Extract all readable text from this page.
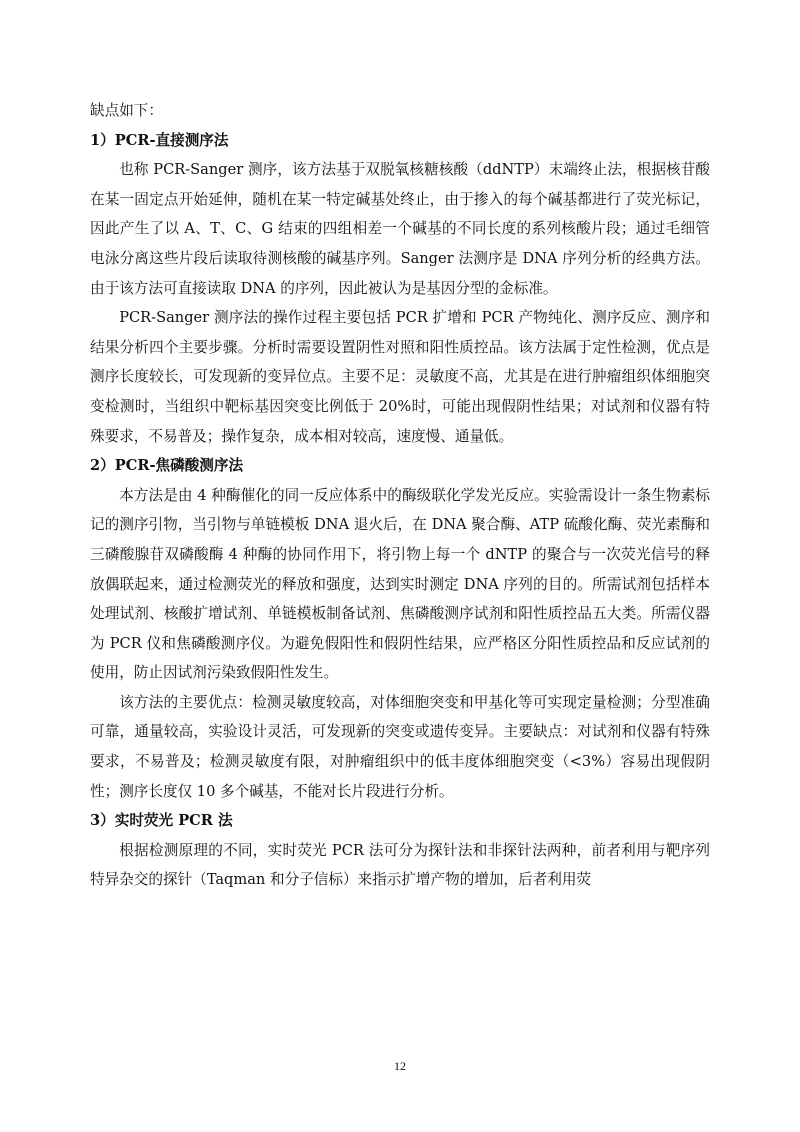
缺点如下：

1）PCR-直接测序法

也称 PCR-Sanger 测序，该方法基于双脱氧核糖核酸（ddNTP）末端终止法，根据核苷酸在某一固定点开始延伸，随机在某一特定碱基处终止，由于掺入的每个碱基都进行了荧光标记，因此产生了以 A、T、C、G 结束的四组相差一个碱基的不同长度的系列核酸片段；通过毛细管电泳分离这些片段后读取待测核酸的碱基序列。Sanger 法测序是 DNA 序列分析的经典方法。由于该方法可直接读取 DNA 的序列，因此被认为是基因分型的金标准。

PCR-Sanger 测序法的操作过程主要包括 PCR 扩增和 PCR 产物纯化、测序反应、测序和结果分析四个主要步骤。分析时需要设置阴性对照和阳性质控品。该方法属于定性检测，优点是测序长度较长，可发现新的变异位点。主要不足：灵敏度不高，尤其是在进行肿瘤组织体细胞突变检测时，当组织中靶标基因突变比例低于 20%时，可能出现假阴性结果；对试剂和仪器有特殊要求，不易普及；操作复杂，成本相对较高，速度慢、通量低。

2）PCR-焦磷酸测序法

本方法是由 4 种酶催化的同一反应体系中的酶级联化学发光反应。实验需设计一条生物素标记的测序引物，当引物与单链模板 DNA 退火后，在 DNA 聚合酶、ATP 硫酸化酶、荧光素酶和三磷酸腺苷双磷酸酶 4 种酶的协同作用下，将引物上每一个 dNTP 的聚合与一次荧光信号的释放偶联起来，通过检测荧光的释放和强度，达到实时测定 DNA 序列的目的。所需试剂包括样本处理试剂、核酸扩增试剂、单链模板制备试剂、焦磷酸测序试剂和阳性质控品五大类。所需仪器为 PCR 仪和焦磷酸测序仪。为避免假阳性和假阴性结果，应严格区分阳性质控品和反应试剂的使用，防止因试剂污染致假阳性发生。

该方法的主要优点：检测灵敏度较高，对体细胞突变和甲基化等可实现定量检测；分型准确可靠，通量较高，实验设计灵活，可发现新的突变或遗传变异。主要缺点：对试剂和仪器有特殊要求，不易普及；检测灵敏度有限，对肿瘤组织中的低丰度体细胞突变（<3%）容易出现假阴性；测序长度仅 10 多个碱基，不能对长片段进行分析。

3）实时荧光 PCR 法

根据检测原理的不同，实时荧光 PCR 法可分为探针法和非探针法两种，前者利用与靶序列特异杂交的探针（Taqman 和分子信标）来指示扩增产物的增加，后者利用荧

12
